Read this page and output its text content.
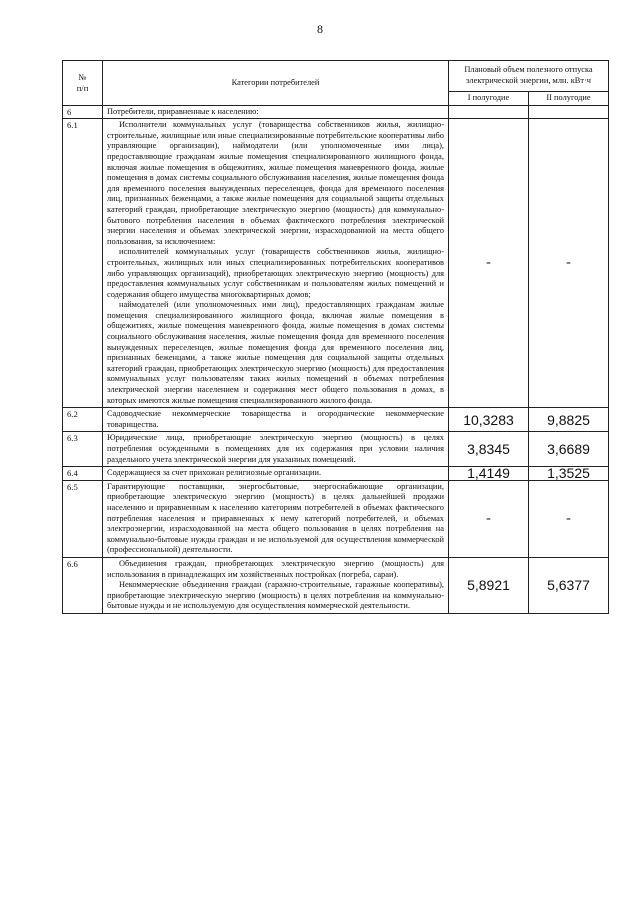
8
№
п/п	Категории потребителей	Плановый объем полезного отпуска электрической энергии, млн. кВт·ч	
		I полугодие	II полугодие
6	Потребители, приравненные к населению:		

6.1	Исполнители коммунальных услуг (товарищества собственников жилья, жилищно-строительные, жилищные или иные специализированные потребительские кооперативы либо управляющие организации), наймодатели (или уполномоченные ими лица), предоставляющие гражданам жилые помещения специализированного жилищного фонда, включая жилые помещения в общежитиях, жилые помещения маневренного фонда, жилые помещения в домах системы социального обслуживания населения, жилые помещения фонда для временного поселения вынужденных переселенцев, фонда для временного поселения лиц, признанных беженцами, а также жилые помещения для социальной защиты отдельных категорий граждан, приобретающие электрическую энергию (мощность) для коммунально-бытового потребления населения в объемах фактического потребления электрической энергии населения и объемах электрической энергии, израсходованной на места общего пользования, за исключением:

исполнителей коммунальных услуг (товариществ собственников жилья, жилищно-строительных, жилищных или иных специализированных потребительских кооперативов либо управляющих организаций), приобретающих электрическую энергию (мощность) для предоставления коммунальных услуг собственникам и пользователям жилых помещений и содержания общего имущества многоквартирных домов;

наймодателей (или уполномоченных ими лиц), предоставляющих гражданам жилые помещения специализированного жилищного фонда, включая жилые помещения в общежитиях, жилые помещения маневренного фонда, жилые помещения в домах системы социального обслуживания населения, жилые помещения фонда для временного поселения вынужденных переселенцев, жилые помещения фонда для временного поселения лиц, признанных беженцами, а также жилые помещения для социальной защиты отдельных категорий граждан, приобретающих электрическую энергию (мощность) для предоставления коммунальных услуг пользователям таких жилых помещений в объемах потребления электрической энергии населением и содержания мест общего пользования в домах, в которых имеются жилые помещения специализированного жилого фонда.	-	-
6.2	Садоводческие некоммерческие товарищества и огороднические некоммерческие товарищества.	10,3283	9,8825
6.3	Юридические лица, приобретающие электрическую энергию (мощность) в целях потребления осужденными в помещениях для их содержания при условии наличия раздельного учета электрической энергии для указанных помещений.	3,8345	3,6689
6.4	Содержащиеся за счет прихожан религиозные организации.	1,4149	1,3525
6.5	Гарантирующие поставщики, энергосбытовые, энергоснабжающие организации, приобретающие электрическую энергию (мощность) в целях дальнейшей продажи населению и приравненным к населению категориям потребителей в объемах фактического потребления населения и приравненных к нему категорий потребителей, и объемах электроэнергии, израсходованной на места общего пользования в целях потребления на коммунально-бытовые нужды граждан и не используемой для осуществления коммерческой (профессиональной) деятельности.	-	-
6.6	Объединения граждан, приобретающих электрическую энергию (мощность) для использования в принадлежащих им хозяйственных постройках (погреба, сараи).

Некоммерческие объединения граждан (гаражно-строительные, гаражные кооперативы), приобретающие электрическую энергию (мощность) в целях потребления на коммунально-бытовые нужды и не используемую для осуществления коммерческой деятельности.	5,8921	5,6377
